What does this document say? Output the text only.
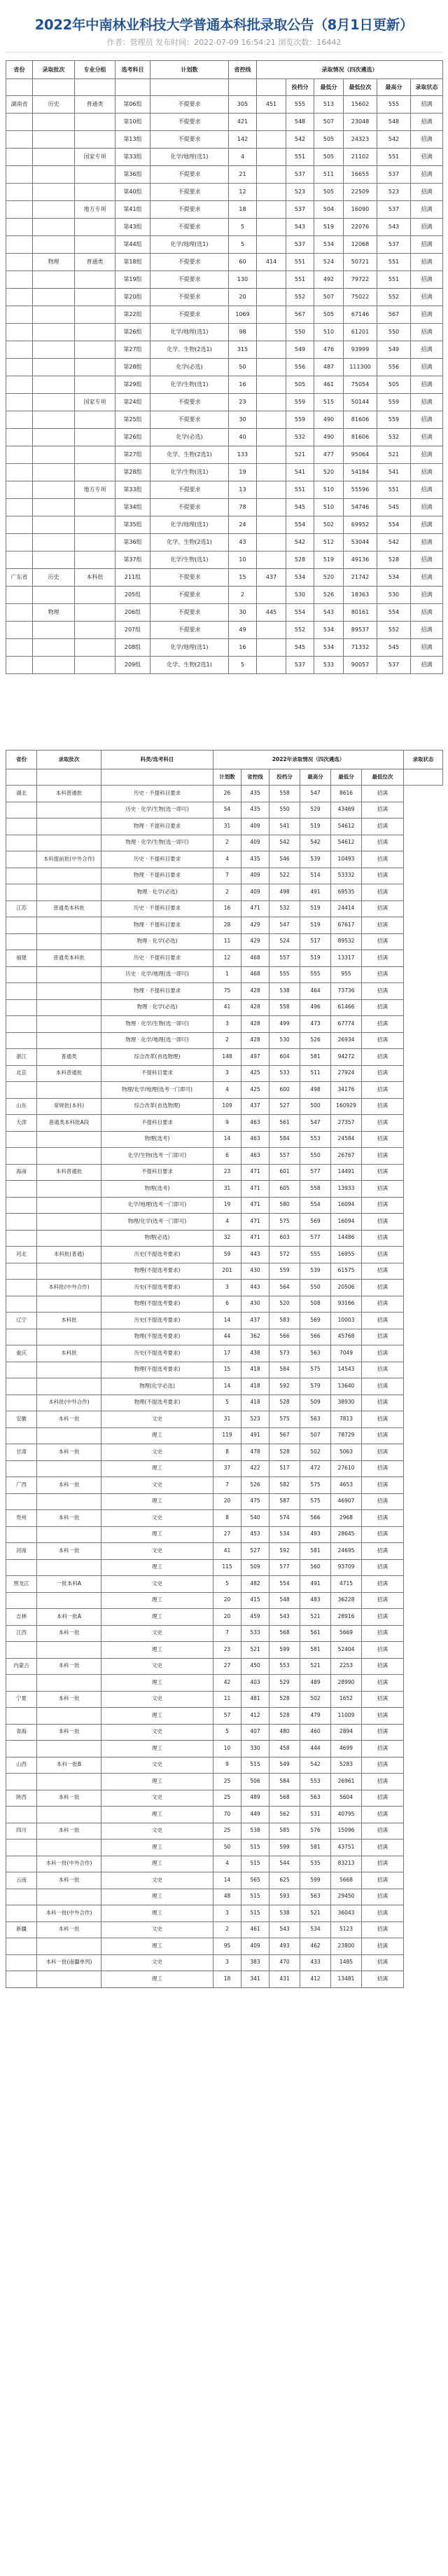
2022年中南林业科技大学普通本科批录取公告（8月1日更新）
作者：管理员 发布时间：2022-07-09 16:54:21 浏览次数：16442
省份	录取批次	专业分组	选考科目	计划数	省控线	录取情况（四次遴选）					
							投档分	最低分	最低位次	最高分	录取状态
湖南省	历史	普通类	第06组	不提要求	305	451	555	513	15602	555	招满
			第10组	不提要求	421		548	507	23048	548	招满
			第13组	不提要求	142		542	505	24323	542	招满
		国家专项	第33组	化学/地理(选1)	4		551	505	21102	551	招满
			第36组	不提要求	21		537	511	16655	537	招满
			第40组	不提要求	12		523	505	22509	523	招满
		地方专项	第41组	不提要求	18		537	504	16090	537	招满
			第43组	不提要求	5		543	519	22076	543	招满
			第44组	化学/地理(选1)	5		537	534	12068	537	招满
	物理	普通类	第18组	不提要求	60	414	551	524	50721	551	招满
			第19组	不提要求	130		551	492	79722	551	招满
			第20组	不提要求	20		552	507	75022	552	招满
			第22组	不提要求	1069		567	505	67146	567	招满
			第26组	化学/地理(选1)	98		550	510	61201	550	招满
			第27组	化学、生物(2选1)	315		549	476	93999	549	招满
			第28组	化学(必选)	50		556	487	111300	556	招满
			第29组	化学/生物(选1)	16		505	461	75054	505	招满
		国家专项	第24组	不提要求	23		559	515	50144	559	招满
			第25组	不提要求	30		559	490	81606	559	招满
			第26组	化学(必选)	40		532	490	81606	532	招满
			第27组	化学、生物(2选1)	133		521	477	95064	521	招满
			第28组	化学/生物(选1)	19		541	520	54184	541	招满
		地方专项	第33组	不提要求	13		551	510	55596	551	招满
			第34组	不提要求	78		545	510	54746	545	招满
			第35组	化学/地理(选1)	24		554	502	69952	554	招满
			第36组	化学、生物(2选1)	43		542	512	53044	542	招满
			第37组	化学/生物(选1)	10		528	519	49136	528	招满
广东省	历史	本科批	211组	不提要求	15	437	534	520	21742	534	招满
			205组	不提要求	2		530	526	18363	530	招满
	物理		206组	不提要求	30	445	554	543	80161	554	招满
			207组	不提要求	49		552	534	89537	552	招满
			208组	化学/地理(选1)	16		545	534	71332	545	招满
			209组	化学、生物(2选1)	5		537	533	90057	537	招满
省份	录取批次	科类/选考科目	2022年录取情况（四次遴选）						录取状态
			计划数	省控线	投档分	最高分	最低分	最低位次	
湖北	本科普通批	历史 · 不提科目要求	26	435	558	547	8616	招满	
		历史 · 化学/生物(选一即可)	54	435	550	529	43469	招满	
		物理 · 不提科目要求	31	409	541	519	54612	招满	
		物理 · 化学/生物(选一即可)	2	409	542	542	54612	招满	
	本科提前批(中外合作)	历史 · 不提科目要求	4	435	546	539	10493	招满	
		物理 · 不提科目要求	7	409	522	514	53332	招满	
		物理 · 化学(必选)	2	409	498	491	69535	招满	
江苏	普通类本科批	历史 · 不提科目要求	16	471	532	519	24414	招满	
		物理 · 不提科目要求	28	429	547	519	67617	招满	
		物理 · 化学(必选)	11	429	524	517	89532	招满	
福建	普通类本科批	历史 · 不提科目要求	12	468	557	519	13317	招满	
		历史 · 化学/地理(选一即可)	1	468	555	555	955	招满	
		物理 · 不提科目要求	75	428	538	464	73736	招满	
		物理 · 化学(必选)	41	428	558	496	61466	招满	
		物理 · 化学/生物(选一即可)	3	428	499	473	67774	招满	
		物理 · 化学/地理(选一即可)	2	428	530	526	26934	招满	
浙江	普通类	综合改革(首选物理)	148	497	604	581	94272	招满	
北京	本科普通批	不提科目要求	3	425	533	511	27924	招满	
		物理/化学/地理(选考一门即可)	4	425	600	498	34176	招满	
山东	常规批(本科)	综合改革(首选物理)	109	437	527	500	160929	招满	
天津	普通类本科批A段	不提科目要求	9	463	561	547	27357	招满	
		物理(选考)	14	463	584	553	24584	招满	
		化学/生物(选考一门即可)	6	463	557	550	26767	招满	
海南	本科普通批	不提科目要求	23	471	601	577	14491	招满	
		物理(选考)	31	471	605	558	13933	招满	
		化学/地理(选考一门即可)	19	471	580	554	16094	招满	
		物理/化学(选考一门即可)	4	471	575	569	16094	招满	
		物理(必选)	32	471	603	577	14486	招满	
河北	本科批(普通)	历史(不提选考要求)	59	443	572	555	16955	招满	
		物理(不提选考要求)	201	430	559	539	61575	招满	
	本科批(中外合作)	历史(不提选考要求)	3	443	564	550	20506	招满	
		物理(不提选考要求)	6	430	520	508	93166	招满	
辽宁	本科批	历史(不提选考要求)	14	437	583	569	10003	招满	
		物理(不提选考要求)	44	362	566	566	45768	招满	
重庆	本科批	历史(不提选考要求)	17	438	573	563	7049	招满	
		物理(不提选考要求)	15	418	584	575	14543	招满	
		物理(化学必选)	14	418	592	579	13640	招满	
	本科批(中外合作)	物理(不提选考要求)	5	418	528	509	38930	招满	
安徽	本科一批	文史	31	523	575	563	7813	招满	
		理工	119	491	567	507	78729	招满	
甘肃	本科一批	文史	8	478	528	502	5063	招满	
		理工	37	422	517	472	27610	招满	
广西	本科一批	文史	7	526	582	575	4653	招满	
		理工	20	475	587	575	46907	招满	
贵州	本科一批	文史	8	540	574	566	2968	招满	
		理工	27	453	534	493	28645	招满	
河南	本科一批	文史	41	527	592	581	24695	招满	
		理工	115	509	577	560	93709	招满	
黑龙江	一批本科A	文史	5	482	554	491	4715	招满	
		理工	20	415	548	483	36228	招满	
吉林	本科一批A	理工	20	459	543	521	28916	招满	
江西	本科一批	文史	7	533	568	561	5669	招满	
		理工	23	521	599	581	52404	招满	
内蒙古	本科一批	文史	27	450	553	521	2253	招满	
		理工	42	403	529	489	28990	招满	
宁夏	本科一批	文史	11	481	528	502	1652	招满	
		理工	57	412	528	479	11009	招满	
青海	本科一批	文史	5	407	480	460	2894	招满	
		理工	10	330	458	444	4699	招满	
山西	本科一批B	文史	9	515	549	542	5283	招满	
		理工	25	506	584	553	26961	招满	
陕西	本科一批	文史	25	489	568	563	5604	招满	
		理工	70	449	562	531	40795	招满	
四川	本科一批	文史	25	538	585	576	15096	招满	
		理工	50	515	599	581	43751	招满	
	本科一批(中外合作)	理工	4	515	544	535	83213	招满	
云南	本科一批	文史	14	565	625	599	5668	招满	
		理工	48	515	593	563	29450	招满	
	本科一批(中外合作)	理工	3	515	538	521	36043	招满	
新疆	本科一批	文史	2	461	543	534	5123	招满	
		理工	95	409	493	462	23800	招满	
	本科一批(南疆单列)	文史	3	383	470	433	1485	招满	
		理工	18	341	431	412	13481	招满	
